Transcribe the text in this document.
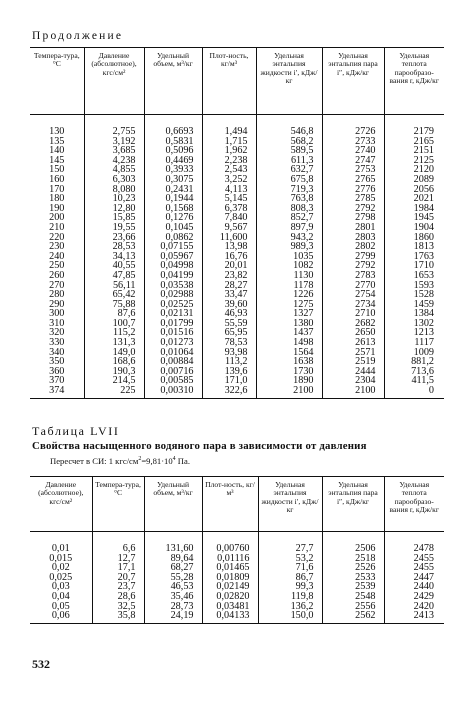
Продолжение
Темпера-тура, °С	Давление (абсолютное), кгс/см²	Удельный объем, м³/кг	Плот-ность, кг/м³	Удельная энтальпия жидкости i′, кДж/кг	Удельная энтальпия пара i″, кДж/кг	Удельная теплота парообразо-вания r, кДж/кг

130	2,755	0,6693	1,494	546,8	2726	2179
135	3,192	0,5831	1,715	568,2	2733	2165
140	3,685	0,5096	1,962	589,5	2740	2151
145	4,238	0,4469	2,238	611,3	2747	2125
150	4,855	0,3933	2,543	632,7	2753	2120
160	6,303	0,3075	3,252	675,8	2765	2089
170	8,080	0,2431	4,113	719,3	2776	2056
180	10,23	0,1944	5,145	763,8	2785	2021
190	12,80	0,1568	6,378	808,3	2792	1984
200	15,85	0,1276	7,840	852,7	2798	1945
210	19,55	0,1045	9,567	897,9	2801	1904
220	23,66	0,0862	11,600	943,2	2803	1860
230	28,53	0,07155	13,98	989,3	2802	1813
240	34,13	0,05967	16,76	1035	2799	1763
250	40,55	0,04998	20,01	1082	2792	1710
260	47,85	0,04199	23,82	1130	2783	1653
270	56,11	0,03538	28,27	1178	2770	1593
280	65,42	0,02988	33,47	1226	2754	1528
290	75,88	0,02525	39,60	1275	2734	1459
300	87,6	0,02131	46,93	1327	2710	1384
310	100,7	0,01799	55,59	1380	2682	1302
320	115,2	0,01516	65,95	1437	2650	1213
330	131,3	0,01273	78,53	1498	2613	1117
340	149,0	0,01064	93,98	1564	2571	1009
350	168,6	0,00884	113,2	1638	2519	881,2
360	190,3	0,00716	139,6	1730	2444	713,6
370	214,5	0,00585	171,0	1890	2304	411,5
374	225	0,00310	322,6	2100	2100	0
Таблица LVII
Свойства насыщенного водяного пара в зависимости от давления
Пересчет в СИ: 1 кгс/$см^2=9,81\cdot 10^4$ Па.
Давление (абсолютное), кгс/см²	Темпера-тура, °С	Удельный объем, м³/кг	Плот-ность, кг/м³	Удельная энтальпия жидкости i′, кДж/кг	Удельная энтальпия пара i″, кДж/кг	Удельная теплота парообразо-вания r, кДж/кг

0,01	6,6	131,60	0,00760	27,7	2506	2478
0,015	12,7	89,64	0,01116	53,2	2518	2455
0,02	17,1	68,27	0,01465	71,6	2526	2455
0,025	20,7	55,28	0,01809	86,7	2533	2447
0,03	23,7	46,53	0,02149	99,3	2539	2440
0,04	28,6	35,46	0,02820	119,8	2548	2429
0,05	32,5	28,73	0,03481	136,2	2556	2420
0,06	35,8	24,19	0,04133	150,0	2562	2413
532
